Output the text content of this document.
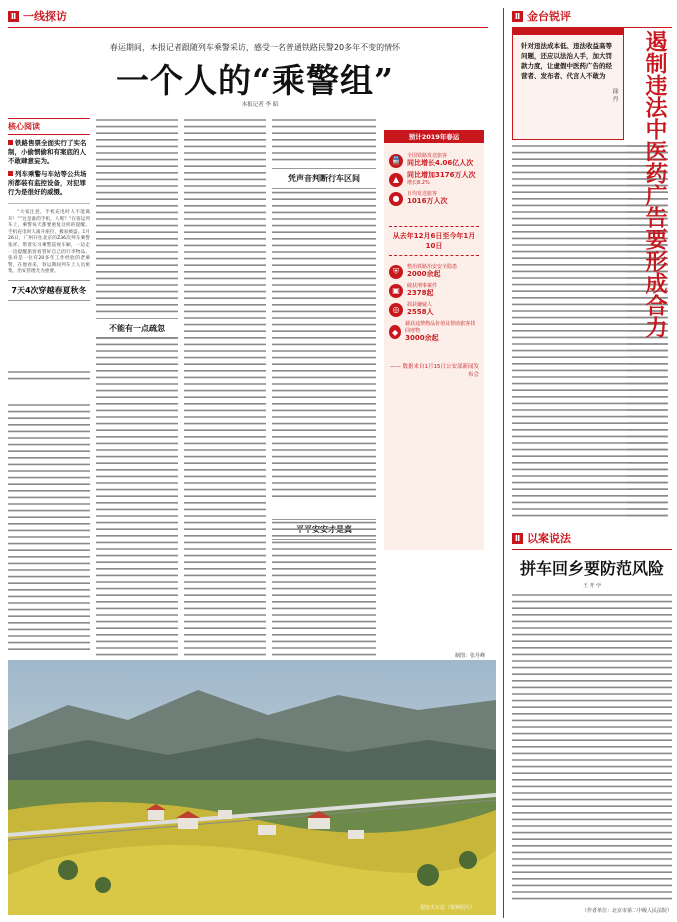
Ⅱ 一线探访
春运期间，本报记者跟随列车乘警采访，感受一名普通铁路民警20多年不变的情怀
一个人的“乘警组”
本报记者 李 昭
核心阅读
铁路售票全面实行了实名制，小偷惯偷和有案底的人不敢肆意妄为。
列车乘警与车站等公共场所都装有监控设备，对犯罪行为是很好的威慑。

“大家注意，手机充电时人不能离开！”“这是谁的手机，人呢？”在客运列车上，乘警每天都要重复这样的提醒。手机充电时人离开座位，极易被盗。1月26日，广州开往北京的Z36次列车乘警张祥，带着实习乘警巡视车厢，一边走一边提醒旅客看管好自己的行李物品。张祥是一位有20多年工作经验的老乘警，在他看来，春运期间列车上人员密集，治安管理尤为重要。

7天4次穿越春夏秋冬
不能有一点疏忽
凭声音判断行车区间
平平安安才是真
预计2019年春运
🚆	全国铁路发送旅客
同比增长4.06亿人次
▲	同比增加3176万人次
增长8.2%
●	日均发送旅客
1016万人次
从去年12月6日至今年1月10日
⛨	整治铁路治安安全隐患
2000余起
▣	破获刑事案件
2378起
◎	抓获嫌疑人
2558人
◆
截获违禁物品价值及帮助旅客找回财物
3000余起
—— 数据来自1月15日公安部新闻发布会
制图：张丹峰
福安火车站（资料照片）
Ⅱ 金台锐评
针对违法成本低、违法收益高等问题，还应以法治人手，加大罚款力度，让虚假中医药广告的经营者、发布者、代言人不敢为	遏制违法中医药广告要形成合力
徐 丹
Ⅱ 以案说法
拼车回乡要防范风险
王 开 孛
（作者单位：北京市第二中级人民法院）
